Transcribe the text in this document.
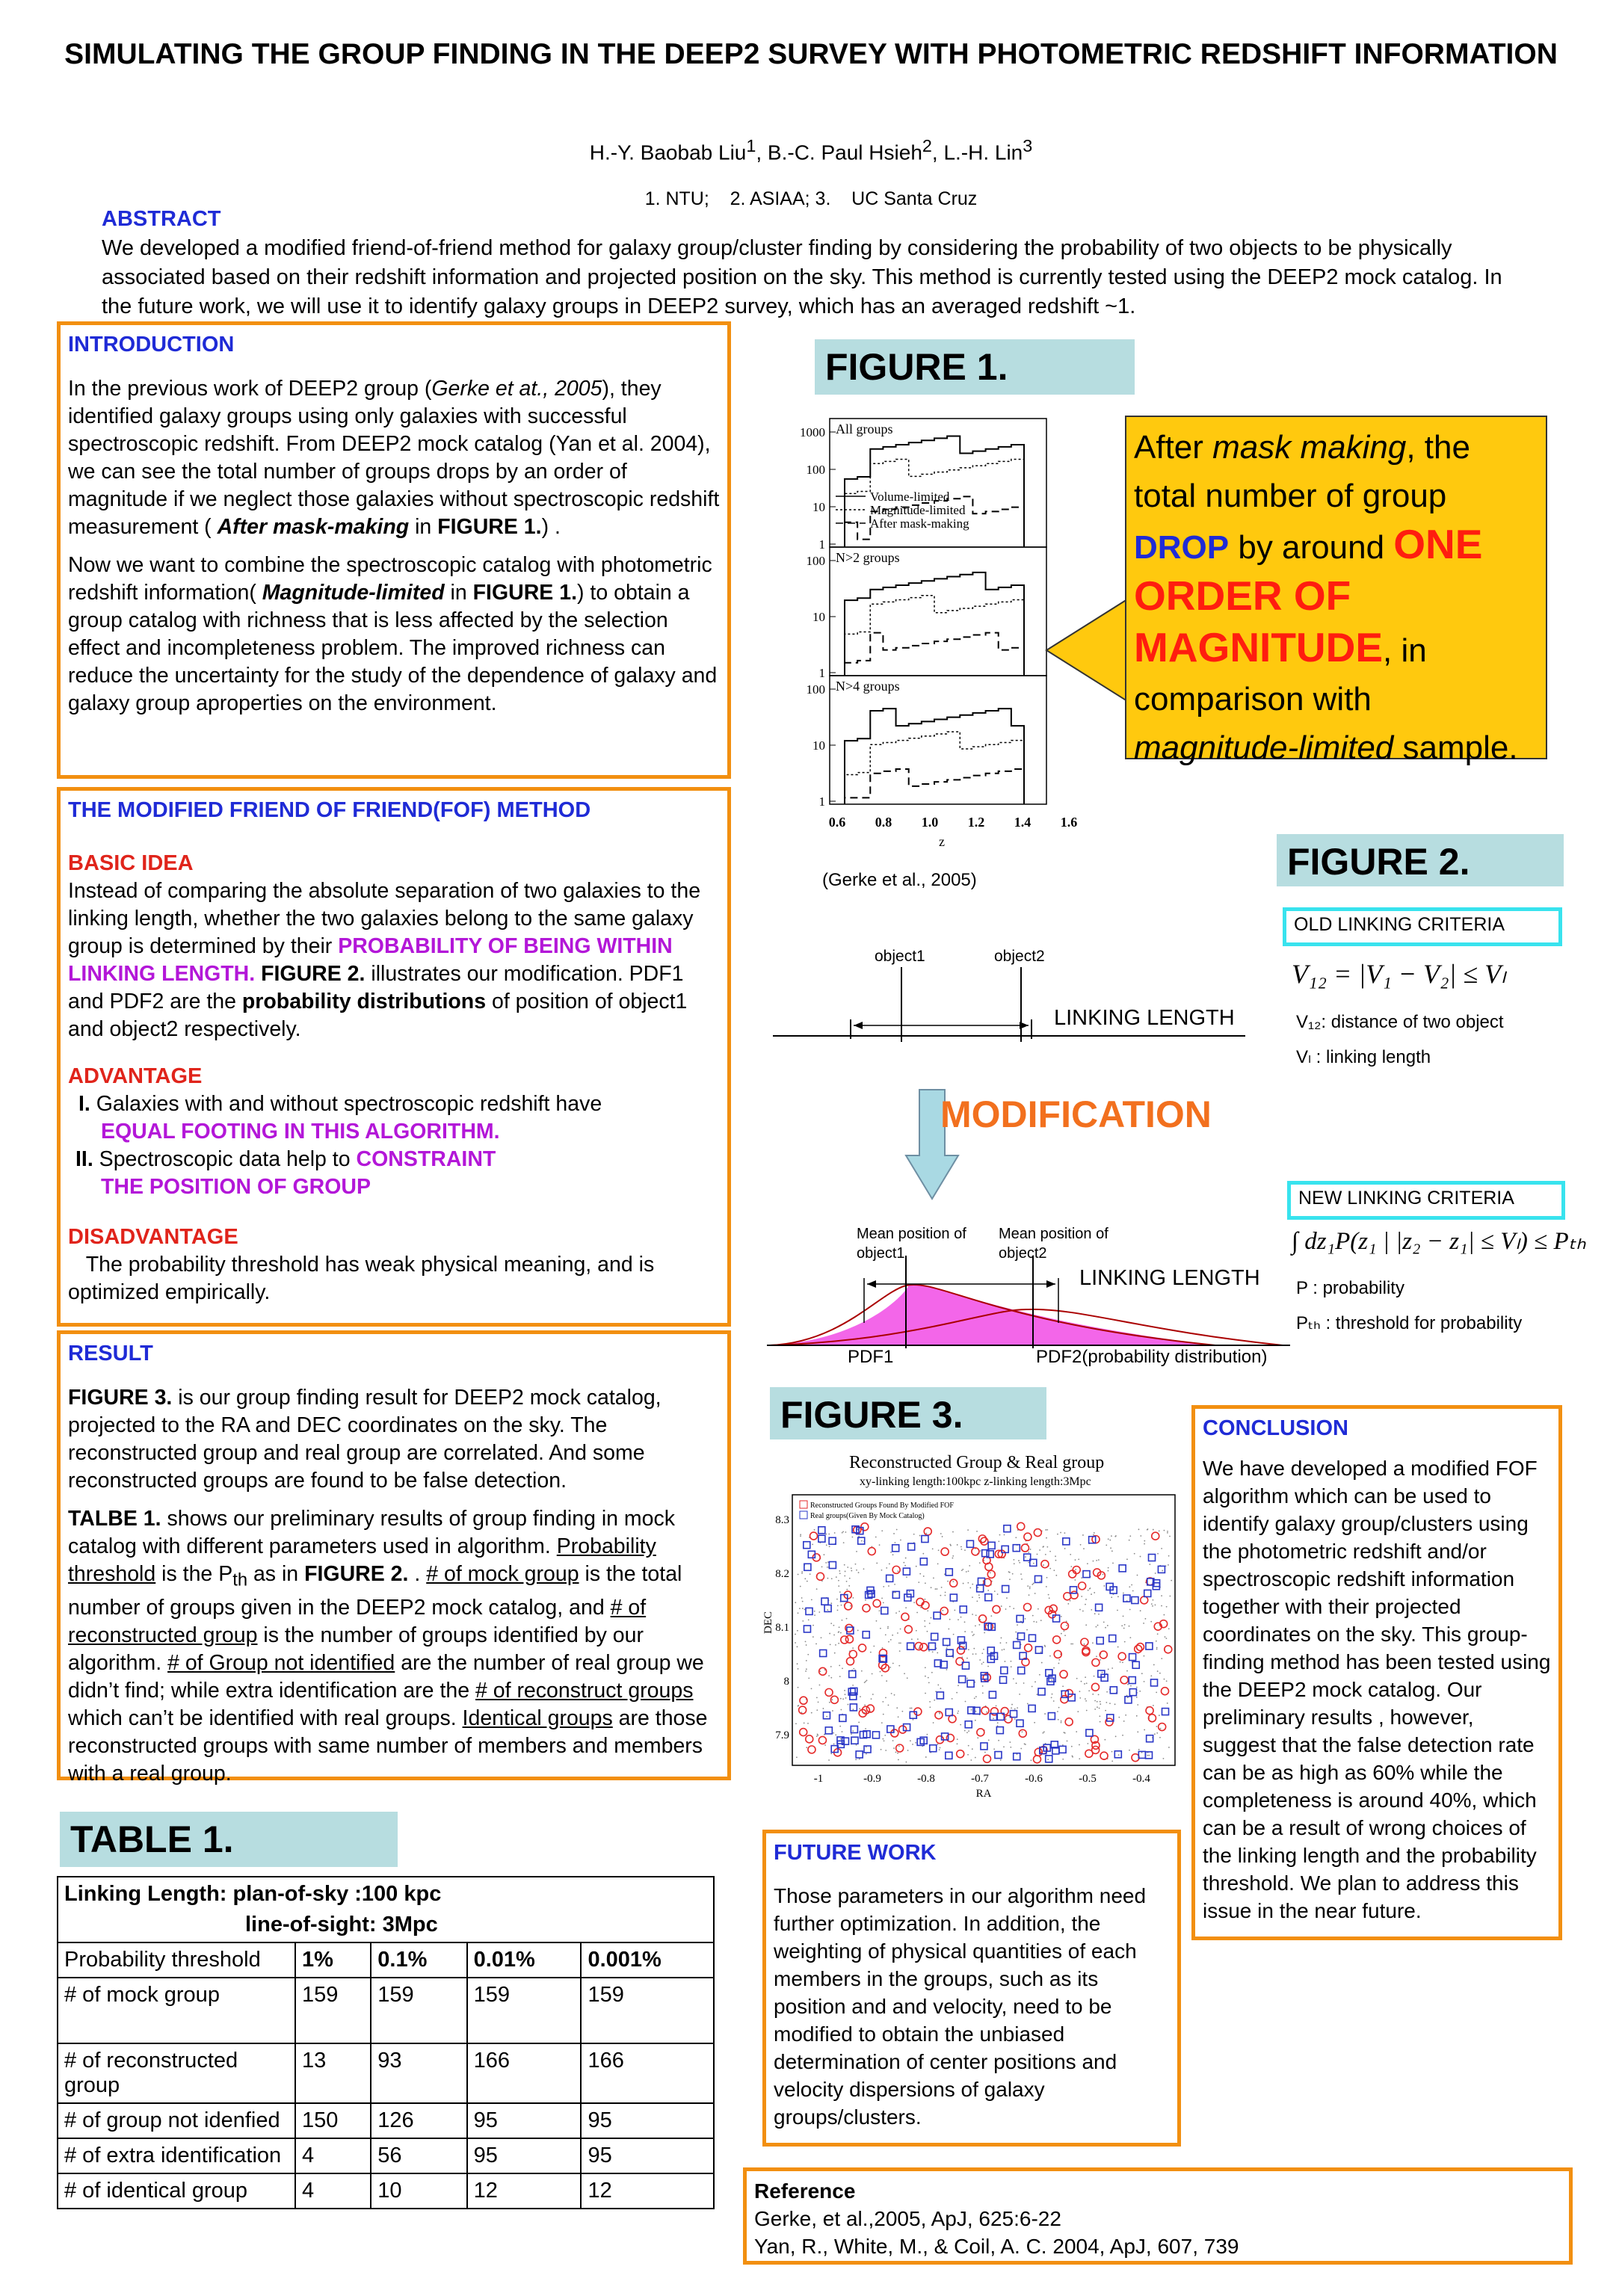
SIMULATING THE GROUP FINDING IN THE DEEP2 SURVEY WITH PHOTOMETRIC REDSHIFT INFORMATION
H.-Y. Baobab Liu$^1$, B.-C. Paul Hsieh$^2$, L.-H. Lin$^3$
1. NTU;    2. ASIAA; 3.    UC Santa Cruz
ABSTRACT
We developed a modified friend-of-friend method for galaxy group/cluster finding by considering the probability of two objects to be physically associated based on their redshift information and projected position on the sky. This method is currently tested using the DEEP2 mock catalog. In the future work, we will use it to identify galaxy groups in DEEP2 survey, which has an averaged redshift ~1.
INTRODUCTION

In the previous work of DEEP2 group (Gerke et at., 2005), they identified galaxy groups using only galaxies with successful spectroscopic redshift. From DEEP2 mock catalog (Yan et al. 2004), we can see the total number of groups drops by an order of magnitude if we neglect those galaxies without spectroscopic redshift measurement ( After mask-making in FIGURE 1.) .

Now we want to combine the spectroscopic catalog with photometric redshift information( Magnitude-limited in FIGURE 1.) to obtain a group catalog with richness that is less affected by the selection effect and incompleteness problem. The improved richness can reduce the uncertainty for the study of the dependence of galaxy and galaxy group aproperties on the environment.

THE MODIFIED FRIEND OF FRIEND(FOF) METHOD
BASIC IDEA

Instead of comparing the absolute separation of two galaxies to the linking length, whether the two galaxies belong to the same galaxy group is determined by their PROBABILITY OF BEING WITHIN LINKING LENGTH. FIGURE 2. illustrates our modification. PDF1 and PDF2 are the probability distributions of position of object1 and object2 respectively.

ADVANTAGE
I. Galaxies with and without spectroscopic redshift have
EQUAL FOOTING IN THIS ALGORITHM.
II. Spectroscopic data help to CONSTRAINT
THE POSITION OF GROUP
DISADVANTAGE
The probability threshold has weak physical meaning, and is optimized empirically.
RESULT

FIGURE 3. is our group finding result for DEEP2 mock catalog, projected to the RA and DEC coordinates on the sky. The reconstructed group and real group are correlated. And some reconstructed groups are found to be false detection.

TALBE 1. shows our preliminary results of group finding in mock catalog with different parameters used in algorithm. Probability threshold is the $P_{th}$ as in FIGURE 2. . # of mock group is the total number of groups given in the DEEP2 mock catalog, and # of reconstructed group is the number of groups identified by our algorithm. # of Group not identified are the number of real group we didn’t find; while extra identification are the # of reconstruct groups which can’t be identified with real groups. Identical groups are those reconstructed groups with same number of members and members with a real group.

TABLE 1.
Linking Length: plan-of-sky :100 kpc				
line-of-sight: 3Mpc				
Probability threshold	1%	0.1%	0.01%	0.001%
# of mock group	159	159	159	159
# of reconstructed group	13	93	166	166
# of group not idenfied	150	126	95	95
# of extra identification	4	56	95	95
# of identical group	4	10	12	12
FIGURE 1.
All groups
1000
100
10
1
Volume-limited
Magnitude-limited
After mask-making
N>2 groups
100
10
1
N>4 groups
100
10
1
0.6 0.8 1.0 1.2 1.4 1.6
z
(Gerke et al., 2005)
After mask making, the total number of group DROP by around ONE ORDER OF MAGNITUDE, in comparison with magnitude-limited sample.
FIGURE 2.
OLD LINKING CRITERIA
V₁₂ = |V₁ − V₂| ≤ Vₗ
V₁₂: distance of two object
Vₗ : linking length
object1	object2
LINKING LENGTH
MODIFICATION
NEW LINKING CRITERIA
∫ dz₁P(z₁ | |z₂ − z₁| ≤ Vₗ) ≤ Pₜₕ
P : probability
Pₜₕ : threshold for probability
Mean position of object1
Mean position of object2
LINKING LENGTH
PDF1	PDF2(probability distribution)
FIGURE 3.
Reconstructed Group & Real group
xy-linking length:100kpc z-linking length:3Mpc
Reconstructed Groups Found By Modified FOF
Real groups(Given By Mock Catalog)
-1	-0.9	-0.8	-0.7	-0.6	-0.5	-0.4
RA
8.3
8.2
8.1
8
7.9
DEC
FUTURE WORK
Those parameters in our algorithm need further optimization. In addition, the weighting of physical quantities of each members in the groups, such as its position and and velocity, need to be modified to obtain the unbiased determination of center positions and velocity dispersions of galaxy groups/clusters.
CONCLUSION
We have developed a modified FOF algorithm which can be used to identify galaxy group/clusters using the photometric redshift and/or spectroscopic redshift information together with their projected coordinates on the sky. This group-finding method has been tested using the DEEP2 mock catalog. Our preliminary results , however, suggest that the false detection rate can be as high as 60% while the completeness is around 40%, which can be a result of wrong choices of the linking length and the probability threshold. We plan to address this issue in the near future.
Reference
Gerke, et al.,2005, ApJ, 625:6-22
Yan, R., White, M., & Coil, A. C. 2004, ApJ, 607, 739
